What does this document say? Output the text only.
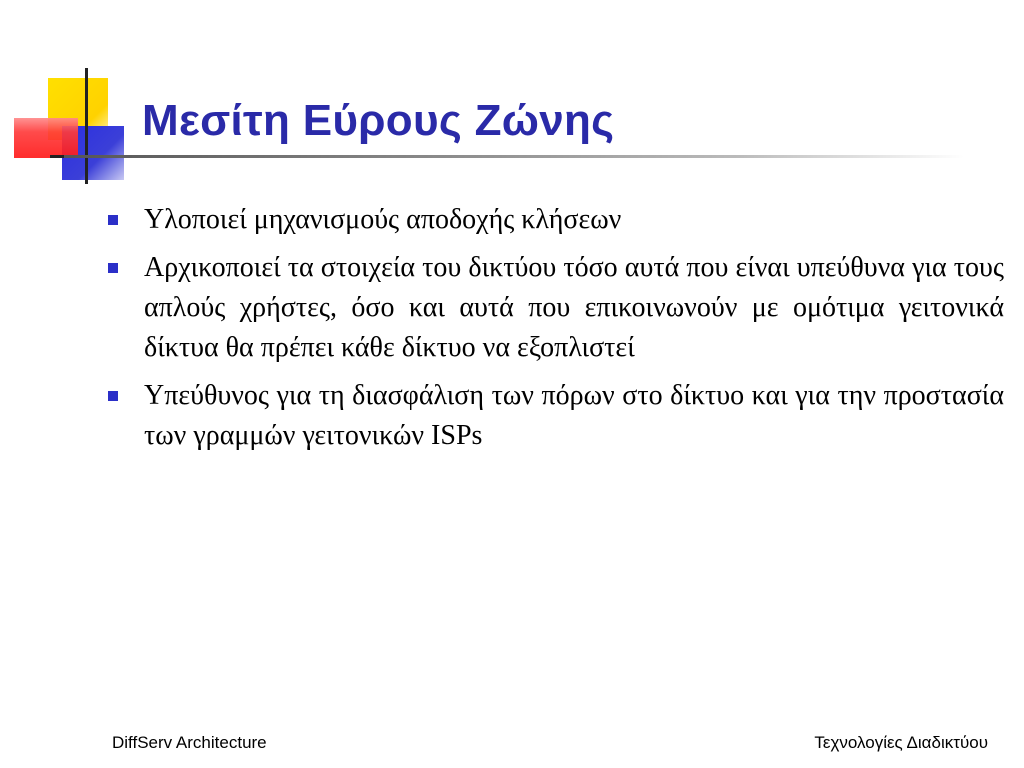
Μεσίτη Εύρους Ζώνης
Υλοποιεί μηχανισμούς αποδοχής κλήσεων
Αρχικοποιεί τα στοιχεία του δικτύου τόσο αυτά που είναι υπεύθυνα για τους απλούς χρήστες, όσο και αυτά που επικοινωνούν με ομότιμα γειτονικά δίκτυα θα πρέπει κάθε δίκτυο να εξοπλιστεί
Υπεύθυνος για τη διασφάλιση των πόρων στο δίκτυο και για την προστασία των γραμμών γειτονικών ISPs
DiffServ Architecture	Τεχνολογίες Διαδικτύου
